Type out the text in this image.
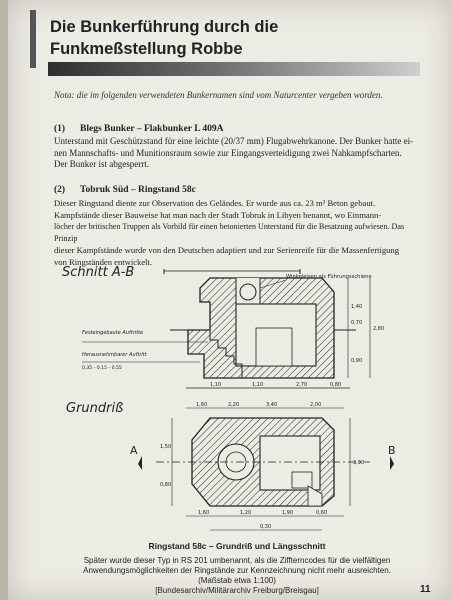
Die Bunkerführung durch die
Funkmeßstellung Robbe
Nota: die im folgenden verwendeten Bunkernamen sind vom Naturcenter vergeben worden.
(1) Blegs Bunker – Flakbunker L 409A
Unterstand mit Geschützstand für eine leichte (20/37 mm) Flugabwehrkanone. Der Bunker hatte ei-
nen Mannschafts- und Munitionsraum sowie zur Eingangsverteidigung zwei Nahkampfscharten.
Der Bunker ist abgesperrt.
(2) Tobruk Süd – Ringstand 58c
Dieser Ringstand diente zur Observation des Geländes. Er wurde aus ca. 23 m³ Beton gebaut.
Kampfstände dieser Bauweise hat man nach der Stadt Tobruk in Libyen benannt, wo Einmann-
löcher der britischen Truppen als Vorbild für einen betonierten Unterstand für die Besatzung aufwiesen. Das Prinzip
dieser Kampfstände wurde von den Deutschen adaptiert und zur Serienreife für die Massenfertigung
von Ringständen entwickelt.
Schnitt A-B	Winkeleisen als Führungsschiene
Festeingebaute Auftritte
Herausnehmbarer Auftritt
0,35 - 0,15 - 0,55
1,40
0,70
2,80
0,90
1,10	1,10	2,70	0,80
Grundriß	1,60	2,20	3,40	2,00
A	B
1,50
0,80
3,90
1,60	1,20	1,90	0,60
0,30
Ringstand 58c – Grundriß und Längsschnitt
Später wurde dieser Typ in RS 201 umbenannt, als die Ziffterncodes für die vielfältigen
Anwendungsmöglichkeiten der Ringstände zur Kennzeichnung nicht mehr ausreichten.
(Maßstab etwa 1:100)
[Bundesarchiv/Militärarchiv Freiburg/Breisgau]	11
